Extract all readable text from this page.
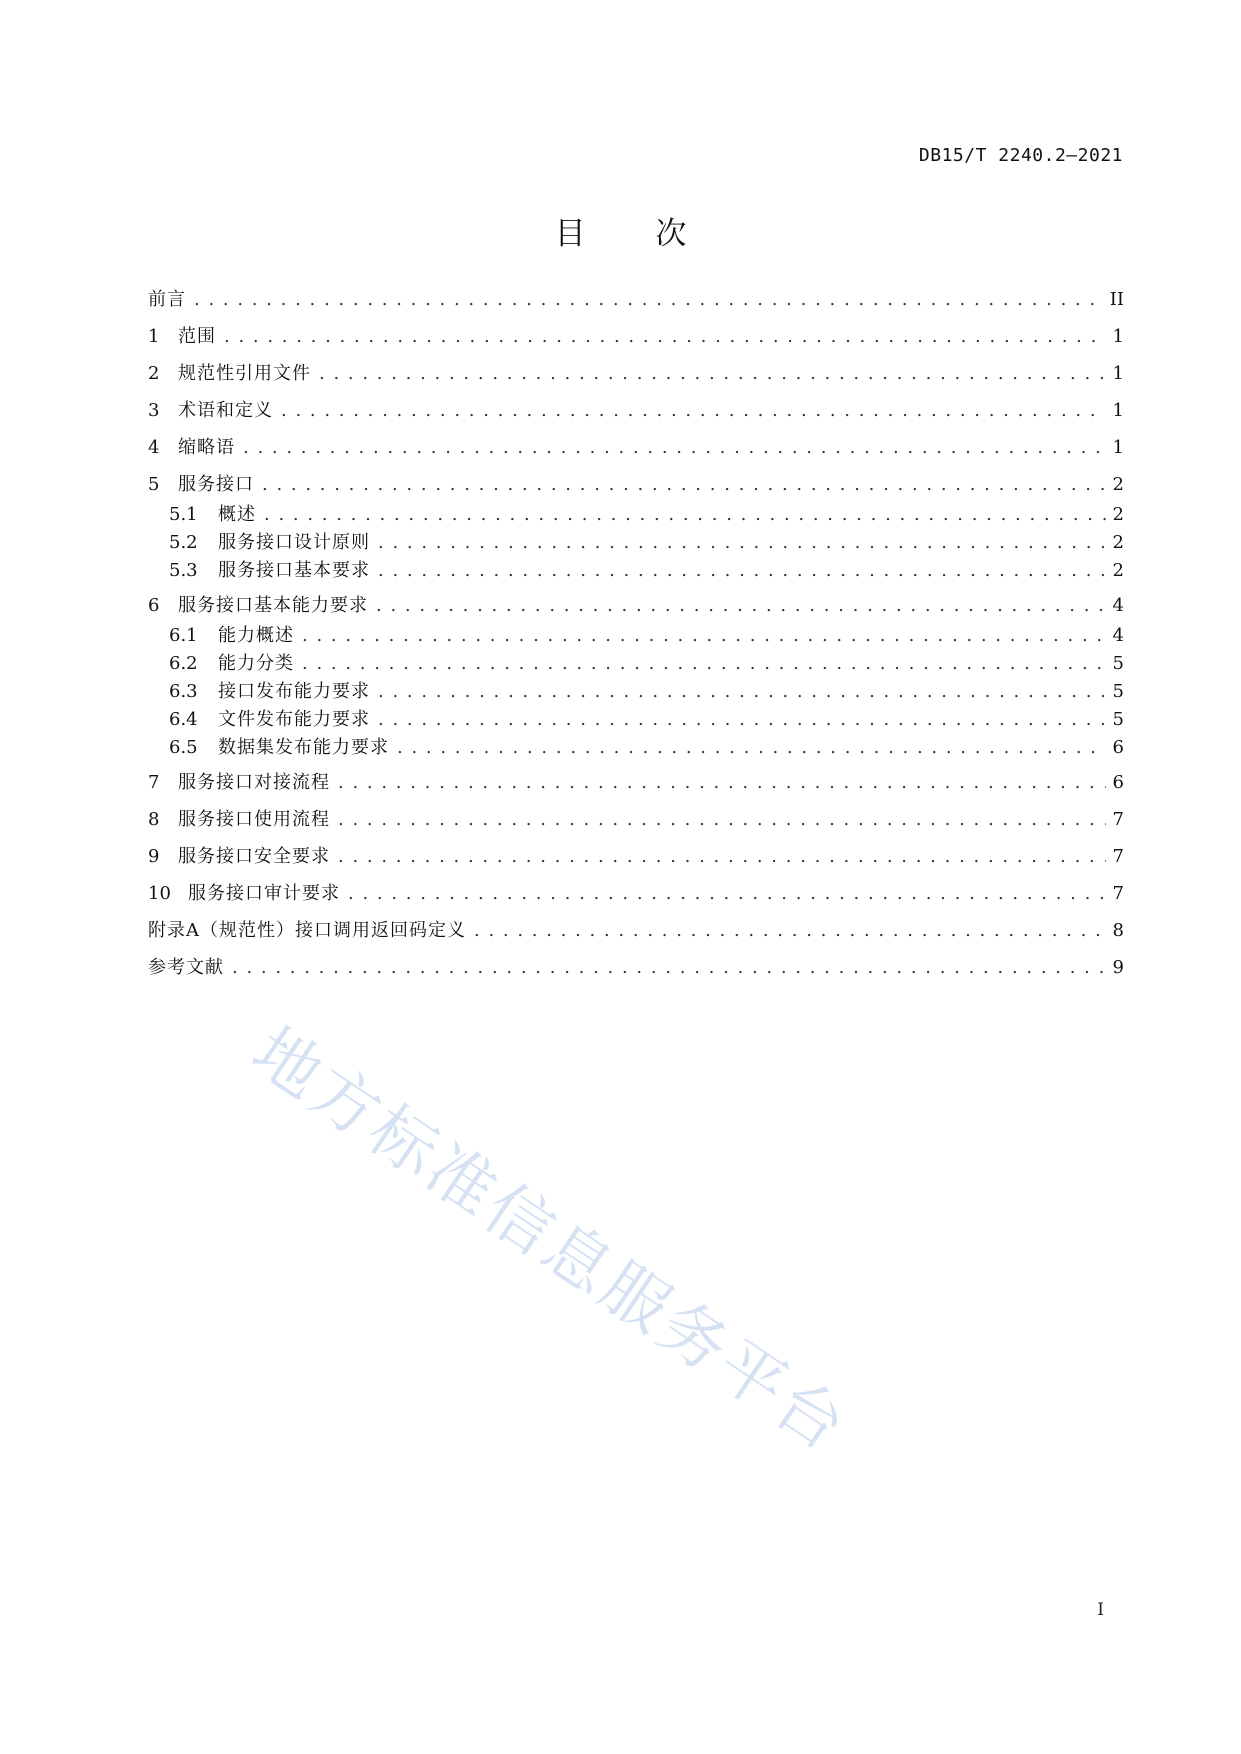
DB15/T 2240.2—2021
目 次
前言 . . .	II
1	范围 . . .	1
2	规范性引用文件 . . .	1
3	术语和定义 . . .	1
4	缩略语 . . .	1
5	服务接口 . . .	2
5.1	概述 . . .	2
5.2	服务接口设计原则 . . .	2
5.3	服务接口基本要求 . . .	2
6	服务接口基本能力要求 . . .	4
6.1	能力概述 . . .	4
6.2	能力分类 . . .	5
6.3	接口发布能力要求 . . .	5
6.4	文件发布能力要求 . . .	5
6.5	数据集发布能力要求 . . .	6
7	服务接口对接流程 . . .	6
8	服务接口使用流程 . . .	7
9	服务接口安全要求 . . .	7
10 服务接口审计要求 . . .	7
附录A（规范性）接口调用返回码定义 . . .	8
参考文献 . . .	9
地方标准信息服务平台
I
